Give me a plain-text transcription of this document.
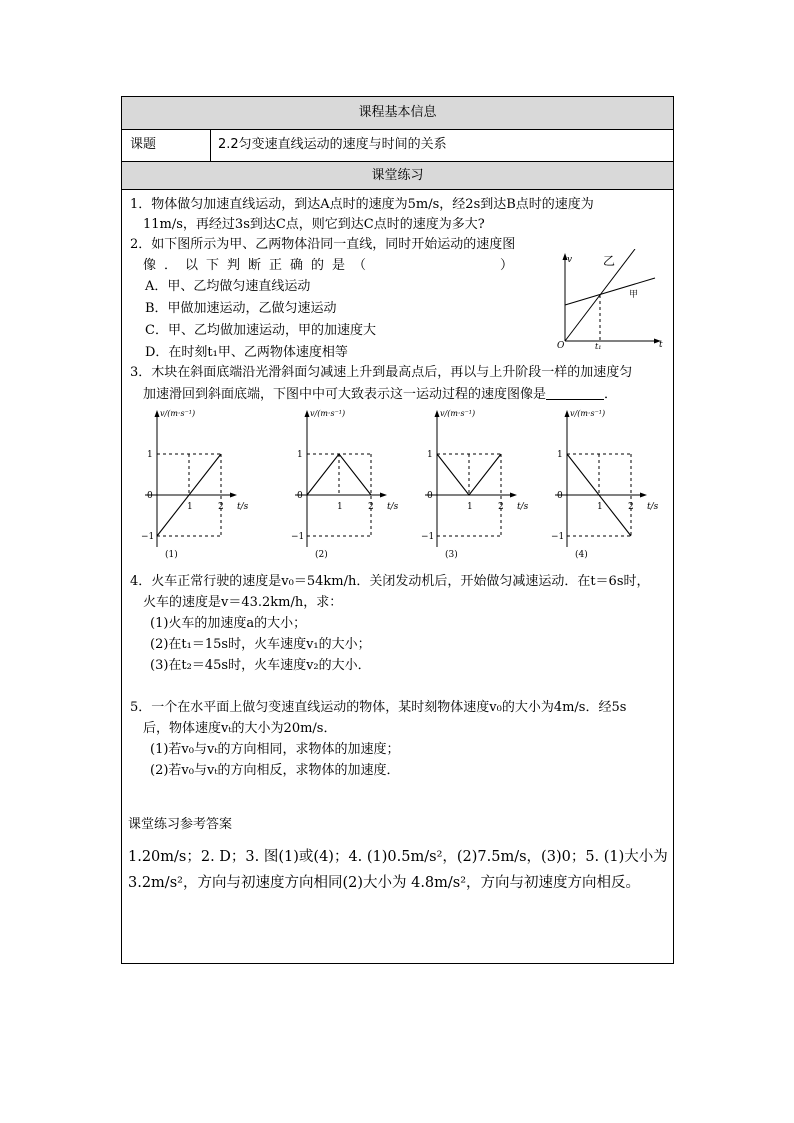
课程基本信息
课题	2.2匀变速直线运动的速度与时间的关系
课堂练习
1．物体做匀加速直线运动，到达A点时的速度为5m/s，经2s到达B点时的速度为
11m/s，再经过3s到达C点，则它到达C点时的速度为多大?
2．如下图所示为甲、乙两物体沿同一直线，同时开始运动的速度图
像．以下判断正确的是（　　　　　　）
A．甲、乙均做匀速直线运动
B．甲做加速运动，乙做匀速运动
C．甲、乙均做加速运动，甲的加速度大
D．在时刻t₁甲、乙两物体速度相等
v
t
O	t₁
乙
甲
3．木块在斜面底端沿光滑斜面匀减速上升到最高点后，再以与上升阶段一样的加速度匀
加速滑回到斜面底端，下图中中可大致表示这一运动过程的速度图像是	．
v/(m·s⁻¹)
t/s
1
0
−1
1	2
(1)
v/(m·s⁻¹)
t/s
1
0
−1
1	2
(2)
v/(m·s⁻¹)
t/s
1
0
−1
1	2
(3)
v/(m·s⁻¹)
t/s
1
0
−1
1	2
(4)
4．火车正常行驶的速度是v₀＝54km/h．关闭发动机后，开始做匀减速运动．在t＝6s时，
火车的速度是v＝43.2km/h，求：
(1)火车的加速度a的大小；
(2)在t₁＝15s时，火车速度v₁的大小；
(3)在t₂＝45s时，火车速度v₂的大小．
5．一个在水平面上做匀变速直线运动的物体，某时刻物体速度v₀的大小为4m/s．经5s
后，物体速度vₜ的大小为20m/s．
(1)若v₀与vₜ的方向相同，求物体的加速度；
(2)若v₀与vₜ的方向相反，求物体的加速度．
课堂练习参考答案
1.20m/s；2. D；3. 图(1)或(4)；4. (1)0.5m/s²，(2)7.5m/s，(3)0；5. (1)大小为 3.2m/s²，方向与初速度方向相同(2)大小为 4.8m/s²，方向与初速度方向相反。
